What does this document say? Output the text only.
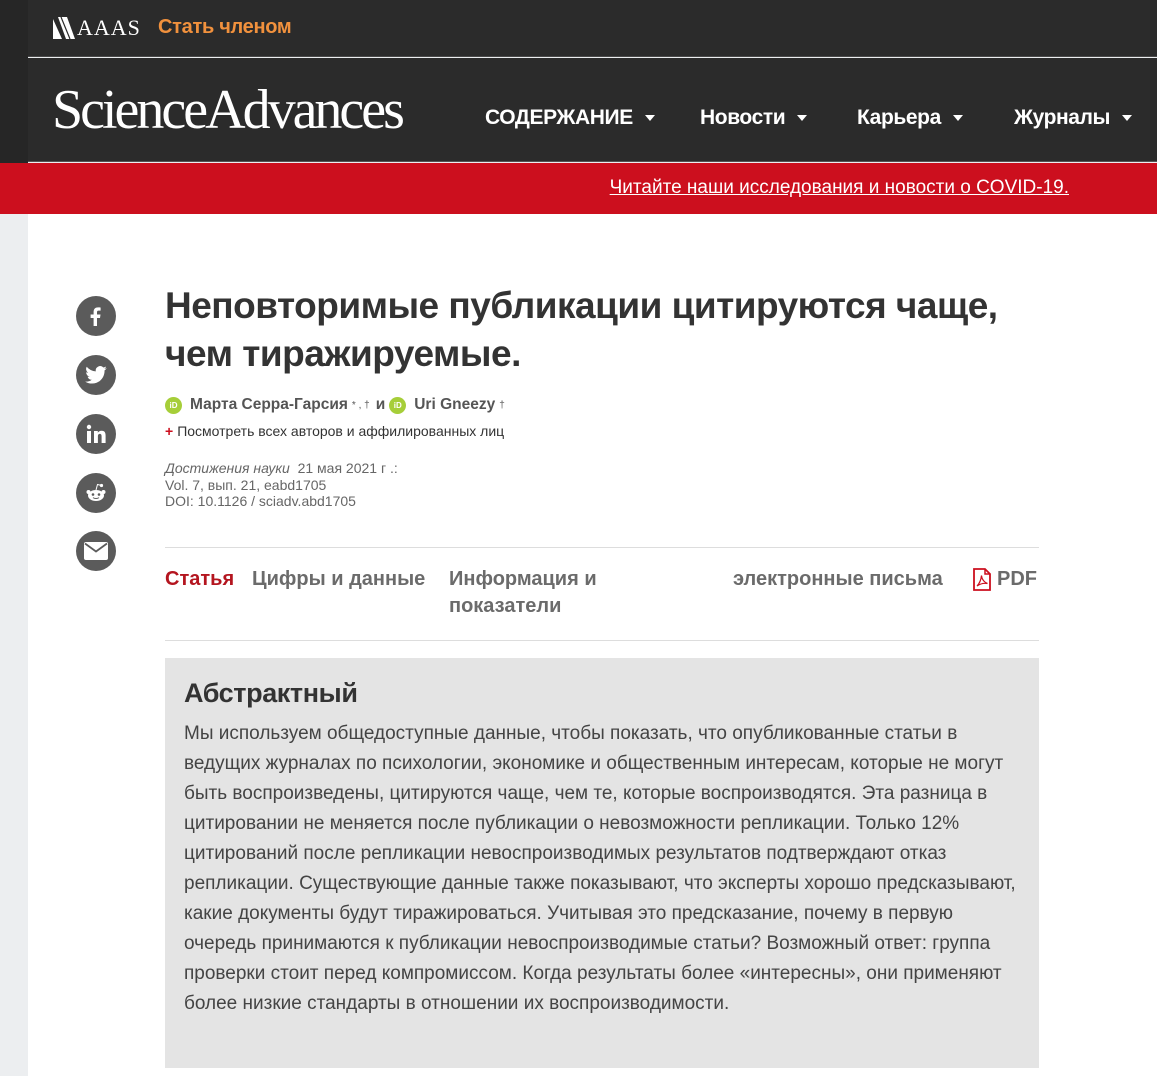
AAAS Стать членом
ScienceAdvances	СОДЕРЖАНИЕ	Новости	Карьера	Журналы
Читайте наши исследования и новости о COVID-19.
Неповторимые публикации цитируются чаще, чем тиражируемые.
iD Марта Серра-Гарсия * , † и	iD Uri Gneezy †
+ Посмотреть всех авторов и аффилированных лиц
Достижения науки 21 мая 2021 г .:
Vol. 7, вып. 21, eabd1705
DOI: 10.1126 / sciadv.abd1705
Статья Цифры и данные Информация и
показатели
электронные письма	PDF
Абстрактный

Мы используем общедоступные данные, чтобы показать, что опубликованные статьи в ведущих журналах по психологии, экономике и общественным интересам, которые не могут быть воспроизведены, цитируются чаще, чем те, которые воспроизводятся. Эта разница в цитировании не меняется после публикации о невозможности репликации. Только 12% цитирований после репликации невоспроизводимых результатов подтверждают отказ репликации. Существующие данные также показывают, что эксперты хорошо предсказывают, какие документы будут тиражироваться. Учитывая это предсказание, почему в первую очередь принимаются к публикации невоспроизводимые статьи? Возможный ответ: группа проверки стоит перед компромиссом. Когда результаты более «интересны», они применяют более низкие стандарты в отношении их воспроизводимости.
